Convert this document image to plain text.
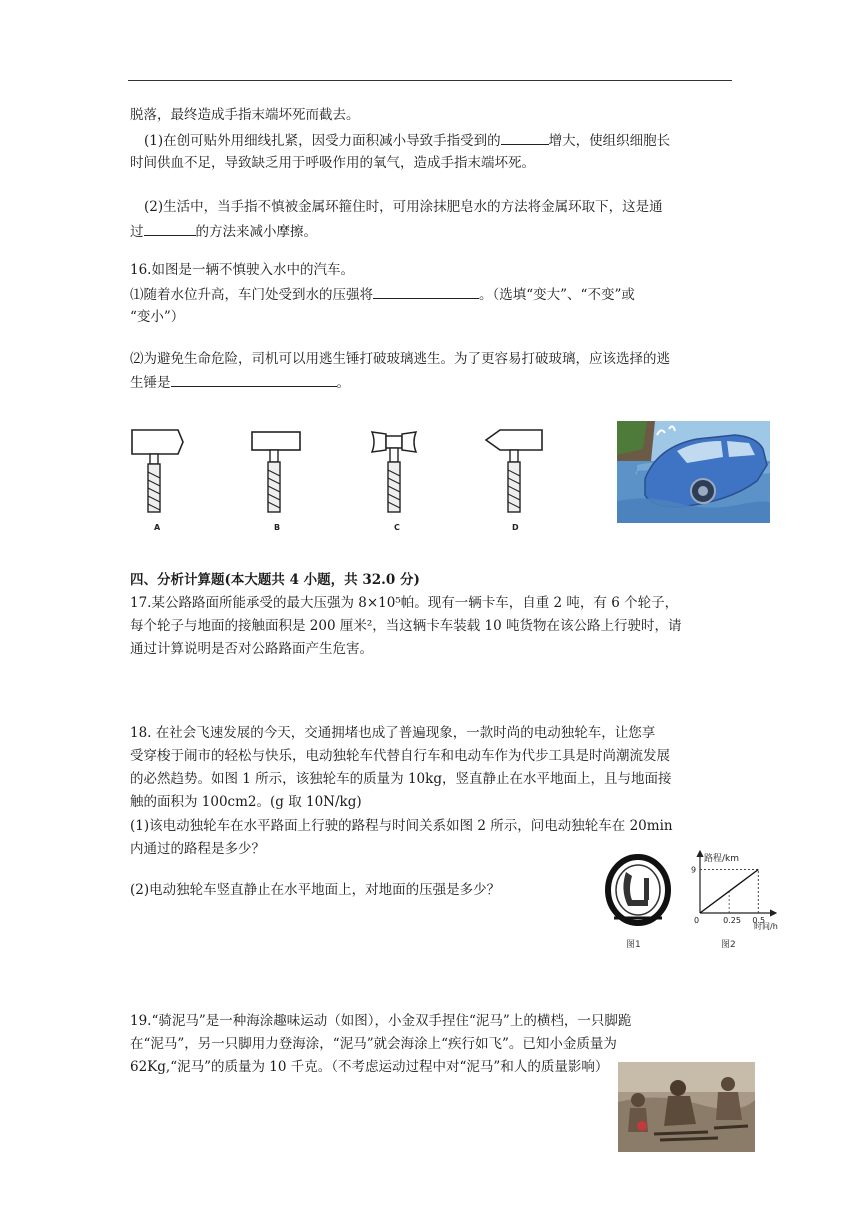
脱落，最终造成手指末端坏死而截去。

(1)在创可贴外用细线扎紧，因受力面积减小导致手指受到的	增大，使组织细胞长

时间供血不足，导致缺乏用于呼吸作用的氧气，造成手指末端坏死。

(2)生活中，当手指不慎被金属环箍住时，可用涂抹肥皂水的方法将金属环取下，这是通

过	的方法来减小摩擦。

16.如图是一辆不慎驶入水中的汽车。

⑴随着水位升高，车门处受到水的压强将	。（选填“变大”、“不变”或

“变小”）

⑵为避免生命危险，司机可以用逃生锤打破玻璃逃生。为了更容易打破玻璃，应该选择的逃

生锤是	。

A	B	C	D

四、分析计算题(本大题共 4 小题，共 32.0 分)

17.某公路路面所能承受的最大压强为 8×10⁵帕。现有一辆卡车，自重 2 吨，有 6 个轮子，

每个轮子与地面的接触面积是 200 厘米²，当这辆卡车装载 10 吨货物在该公路上行驶时，请

通过计算说明是否对公路路面产生危害。

18. 在社会飞速发展的今天，交通拥堵也成了普遍现象，一款时尚的电动独轮车，让您享

受穿梭于闹市的轻松与快乐，电动独轮车代替自行车和电动车作为代步工具是时尚潮流发展

的必然趋势。如图 1 所示，该独轮车的质量为 10kg，竖直静止在水平地面上，且与地面接

触的面积为 100cm2。(g 取 10N/kg)

(1)该电动独轮车在水平路面上行驶的路程与时间关系如图 2 所示，问电动独轮车在 20min

内通过的路程是多少？

(2)电动独轮车竖直静止在水平地面上，对地面的压强是多少？

图1
路程/km
时间/h
9
0	0.25 0.5
图2

19.“骑泥马”是一种海涂趣味运动（如图），小金双手捏住“泥马”上的横档，一只脚跪

在“泥马”，另一只脚用力登海涂，“泥马”就会海涂上“疾行如飞”。已知小金质量为

62Kg,“泥马”的质量为 10 千克。（不考虑运动过程中对“泥马”和人的质量影响）
